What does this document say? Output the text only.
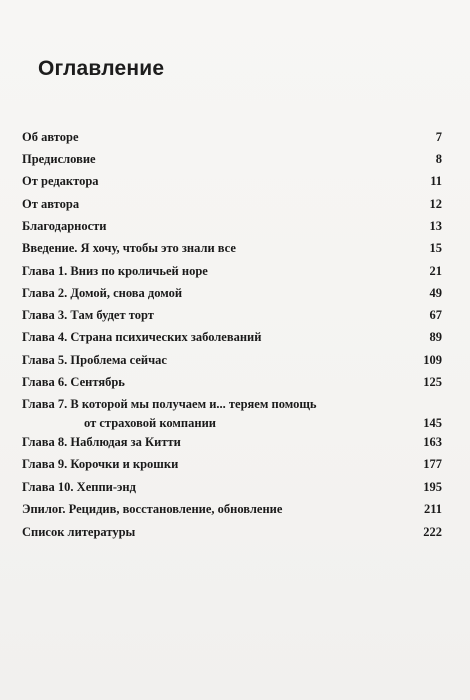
Оглавление
Об авторе	7
Предисловие	8
От редактора	11
От автора	12
Благодарности	13
Введение. Я хочу, чтобы это знали все	15
Глава 1. Вниз по кроличьей норе	21
Глава 2. Домой, снова домой	49
Глава 3. Там будет торт	67
Глава 4. Страна психических заболеваний	89
Глава 5. Проблема сейчас	109
Глава 6. Сентябрь	125
Глава 7. В которой мы получаем и... теряем помощь
от страховой компании	145
Глава 8. Наблюдая за Китти	163
Глава 9. Корочки и крошки	177
Глава 10. Хеппи-энд	195
Эпилог. Рецидив, восстановление, обновление	211
Список литературы	222
